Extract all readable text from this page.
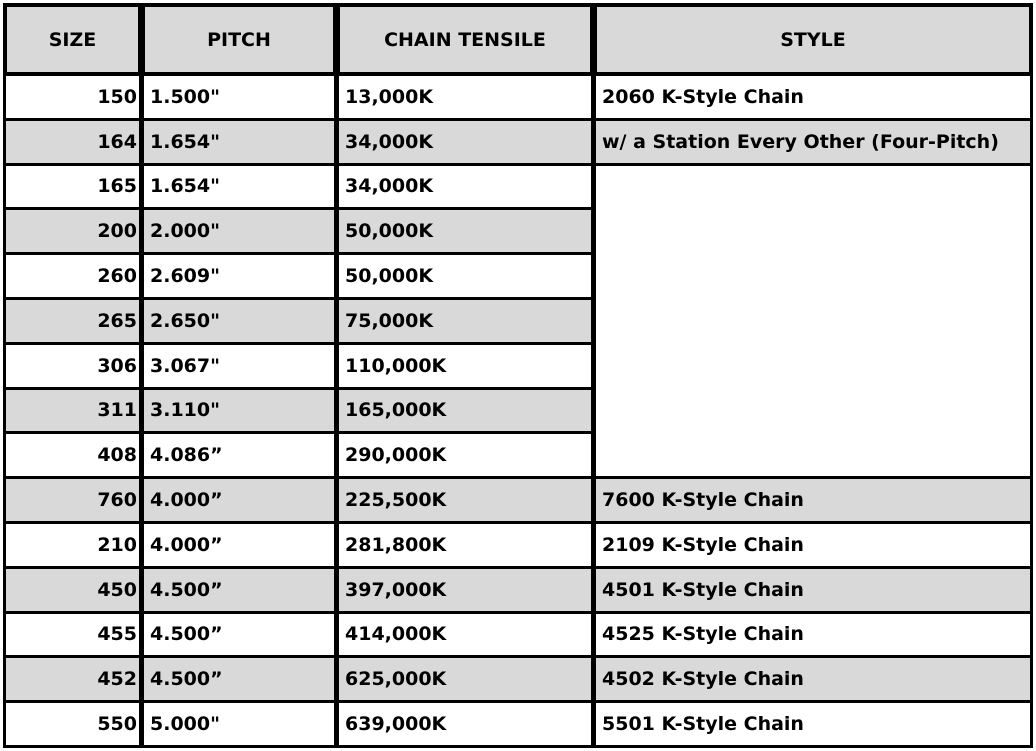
SIZE	PITCH	CHAIN TENSILE	STYLE
150 1.500"	13,000K	2060 K-Style Chain
164 1.654"	34,000K	w/ a Station Every Other (Four-Pitch)
165 1.654"	34,000K
200 2.000"	50,000K
260 2.609"	50,000K
265 2.650"	75,000K
306 3.067"	110,000K
311 3.110"	165,000K
408 4.086”	290,000K
760 4.000”	225,500K	7600 K-Style Chain
210 4.000”	281,800K	2109 K-Style Chain
450 4.500”	397,000K	4501 K-Style Chain
455 4.500”	414,000K	4525 K-Style Chain
452 4.500”	625,000K	4502 K-Style Chain
550 5.000"	639,000K	5501 K-Style Chain
